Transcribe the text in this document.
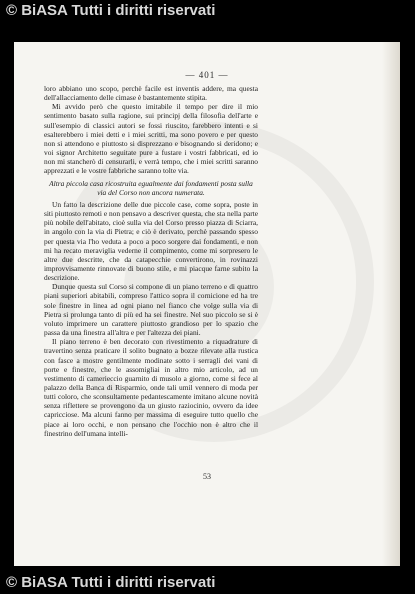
© BiASA Tutti i diritti riservati
— 401 —

loro abbiano uno scopo, perchè facile est inventis addere, ma questa dell'allacciamento delle cimase è bastantemente stipita.

Mi avvido però che questo imitabile il tempo per dire il mio sentimento basato sulla ragione, sui principj della filosofia dell'arte e sull'esempio di classici autori se fossi riuscito, farebbero intenti e si esalterebbero i miei detti e i miei scritti, ma sono povero e per questo non si attendono e piuttosto si disprezzano e bisognando si deridono; e voi signor Architetto seguitate pure a fustare i vostri fabbricati, ed io non mi stancherò di censurarli, e verrà tempo, che i miei scritti saranno apprezzati e le vostre fabbriche saranno tolte via.

Altra piccola casa ricostruita egualmente dai fondamenti posta sulla via del Corso non ancora numerata.

Un fatto la descrizione delle due piccole case, come sopra, poste in siti piuttosto remoti e non pensavo a descriver questa, che sta nella parte più nobile dell'abitato, cioè sulla via del Corso presso piazza di Sciarra, in angolo con la via di Pietra; e ciò è derivato, perchè passando spesso per questa via l'ho veduta a poco a poco sorgere dai fondamenti, e non mi ha recato meraviglia vederne il compimento, come mi sorpresero le altre due descritte, che da catapecchie convertirono, in rovinazzi improvvisamente rinnovate di buono stile, e mi piacque farne subito la descrizione.

Dunque questa sul Corso si compone di un piano terreno e di quattro piani superiori abitabili, compreso l'attico sopra il cornicione ed ha tre sole finestre in linea ad ogni piano nel fianco che volge sulla via di Pietra si prolunga tanto di più ed ha sei finestre. Nel suo piccolo se si è voluto imprimere un carattere piuttosto grandioso per lo spazio che passa da una finestra all'altra e per l'altezza dei piani.

Il piano terreno è ben decorato con rivestimento a riquadrature di travertino senza praticare il solito bugnato a bozze rilevate alla rustica con fasce a mostre gentilmente modinate sotto i serragli dei vani di porte e finestre, che le assomigliai in altro mio articolo, ad un vestimento di camerieccio guarnito di musolo a giorno, come si fece al palazzo della Banca di Risparmio, onde tali umil vennero di moda per tutti coloro, che sconsultamente pedantescamente imitano alcune novità senza riflettere se provengono da un giusto raziocinio, ovvero da idee capricciose. Ma alcuni fanno per massima di eseguire tutto quello che piace ai loro occhi, e non pensano che l'occhio non è altro che il finestrino dell'umana intelli-

53
© BiASA Tutti i diritti riservati
